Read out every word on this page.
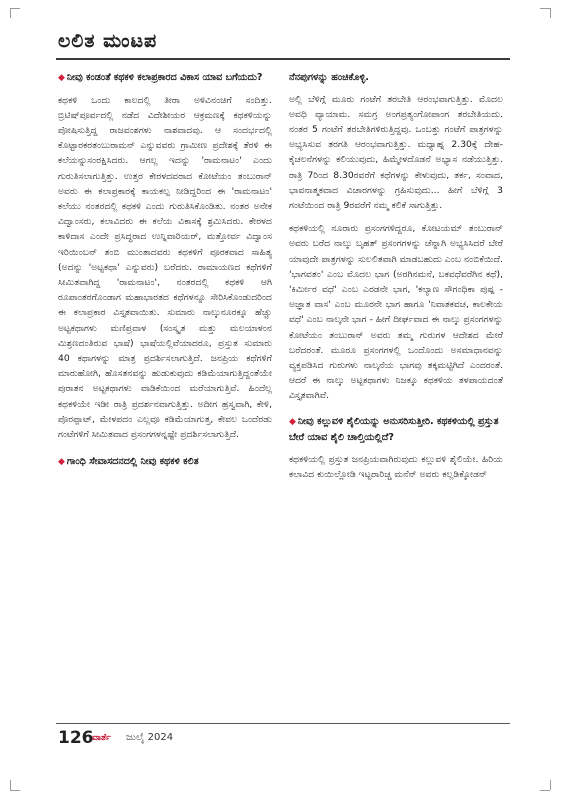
ಲಲಿತ ಮಂಟಪ
◆ ನೀವು ಕಂಡಂತೆ ಕಥಕಳಿ ಕಲಾಪ್ರಕಾರದ ವಿಕಾಸ ಯಾವ ಬಗೆಯದು?
ಕಥಕಳಿ ಒಂದು ಕಾಲದಲ್ಲಿ ತೀರಾ ಅಳಿವಿನಂಚಿಗೆ ಸಂದಿತ್ತು. ಬ್ರಿಟಿಷ್‌ಪೂರ್ವದಲ್ಲಿ ನಡೆದ ವಿದೇಶೀಯರ ಆಕ್ರಮಣಕ್ಕೆ ಕಥಕಳಿಯನ್ನು ಪೋಷಿಸುತ್ತಿದ್ದ ರಾಜವಂಶಗಳು ನಾಶವಾದವು. ಆ ಸಂದರ್ಭದಲ್ಲಿ ಕೊಟ್ಟಾರಕರತಂಬುರಾಮನ್ ಎನ್ನುವವರು ಗ್ರಾಮೀಣ ಪ್ರದೇಶಕ್ಕೆ ತೆರಳಿ ಈ ಕಲೆಯನ್ನುಸಂರಕ್ಷಿಸಿದರು. ಆಗಲ್ಲ ಇದನ್ನು 'ರಾಮನಾಟಂ' ಎಂದು ಗುರುತಿಸಲಾಗುತ್ತಿತ್ತು. ಉತ್ತರ ಕೇರಳದವರಾದ ಕೋಟೆಯಂ ತಂಬುರಾನ್ ಅವರು ಈ ಕಲಾಪ್ರಕಾರಕ್ಕೆ ಕಾಯಕಲ್ಪ ನೀಡಿದ್ದರಿಂದ ಈ 'ರಾಮನಾಟಂ' ಕಲೆಯು ನಂತರದಲ್ಲಿ ಕಥಕಳಿ ಎಂದು ಗುರುತಿಸಿಕೊಂಡಿತು. ನಂತರ ಅನೇಕ ವಿದ್ವಾಂಸರು, ಕಲಾವಿದರು ಈ ಕಲೆಯ ವಿಕಾಸಕ್ಕೆ ಶ್ರಮಿಸಿದರು. ಕೇರಳದ ಕಾಳಿದಾಸ ಎಂದೇ ಪ್ರಸಿದ್ಧರಾದ ಉನ್ನಿವಾರಿಯರ್, ಮತ್ತೋರ್ವ ವಿದ್ವಾಂಸ ಇರಿಯಿಂಬನ್ ತಂಬಿ ಮುಂತಾದವರು ಕಥಕಳಿಗೆ ಪೂರಕವಾದ ಸಾಹಿತ್ಯ (ಅದನ್ನು 'ಅಟ್ಟಕಥಾ' ಎನ್ನುವರು) ಬರೆದರು. ರಾಮಾಯಣದ ಕಥೆಗಳಿಗೆ ಸೀಮಿತವಾಗಿದ್ದ 'ರಾಮನಾಟಂ', ನಂತರದಲ್ಲಿ ಕಥಕಳಿ ಆಗಿ ರೂಪಾಂತರಗೊಂಡಾಗ ಮಹಾಭಾರತದ ಕಥೆಗಳನ್ನೂ ಸೇರಿಸಿಕೊಂಡುದರಿಂದ ಈ ಕಲಾಪ್ರಕಾರ ವಿಸ್ತೃತವಾಯಿತು. ಸುಮಾರು ನಾಲ್ಕುನೂರಕ್ಕೂ ಹೆಚ್ಚು ಅಟ್ಟಕಥಾಗಳು ಮಣಿಪ್ರವಾಳ (ಸಂಸ್ಕೃತ ಮತ್ತು ಮಲಯಾಳಂನ ಮಿಶ್ರಣದಂತಿರುವ ಭಾಷೆ) ಭಾಷೆಯಲ್ಲಿವೆಯಾದರೂ, ಪ್ರಸ್ತುತ ಸುಮಾರು 40 ಕಥಾಗಳನ್ನು ಮಾತ್ರ ಪ್ರದರ್ಶಿಸಲಾಗುತ್ತಿದೆ. ಜನಪ್ರಿಯ ಕಥೆಗಳಿಗೆ ಮಾರುಹೋಗಿ, ಹೊಸತನವನ್ನು ಹುಡುಕುವುದು ಕಡಿಮೆಯಾಗುತ್ತಿದ್ದಂತೆಯೇ ಪುರಾತನ ಅಟ್ಟಕಥಾಗಳು ವಾಡಿಕೆಯಿಂದ ಮರೆಯಾಗುತ್ತಿವೆ. ಹಿಂದೆಲ್ಲ ಕಥಕಳಿಯೇ ಇಡೀ ರಾತ್ರಿ ಪ್ರದರ್ಶನವಾಗುತ್ತಿತ್ತು. ಅದೀಗ ಹ್ರಸ್ವವಾಗಿ, ಕೇಳಿ, ಪೊರಪ್ಪಾಟ್, ಮೇಳಪದಂ ಎಲ್ಲವೂ ಕಡಿಮೆಯಾಗುತ್ತ, ಕೇವಲ ಒಂದೆರಡು ಗಂಟೆಗಳಿಗೆ ಸೀಮಿತವಾದ ಪ್ರಸಂಗಗಳನ್ನಷ್ಟೇ ಪ್ರದರ್ಶಿಸಲಾಗುತ್ತಿದೆ.
◆ ಗಾಂಧಿ ಸೇವಾಸದನದಲ್ಲಿ ನೀವು ಕಥಕಳಿ ಕಲಿತ
ನೆನಪುಗಳನ್ನು ಹಂಚಿಕೊಳ್ಳಿ.
ಅಲ್ಲಿ ಬೆಳಿಗ್ಗೆ ಮೂರು ಗಂಟೆಗೆ ತರಬೇತಿ ಆರಂಭವಾಗುತ್ತಿತ್ತು. ಮೊದಲ ಅವಧಿ ವ್ಯಾಯಾಮ. ಸಮಗ್ರ ಅಂಗಪ್ರತ್ಯಂಗೋಪಾಂಗ ತರಬೇತಿಯದು. ನಂತರ 5 ಗಂಟೆಗೆ ತರಬೇತಿಗಳಿರುತ್ತಿದ್ದವು. ಒಂಬತ್ತು ಗಂಟೆಗೆ ಪಾತ್ರಗಳನ್ನು ಅಭ್ಯಸಿಸುವ ತರಗತಿ ಆರಂಭವಾಗುತ್ತಿತ್ತು. ಮಧ್ಯಾಹ್ನ 2.30ಕ್ಕೆ ದೇಹ-ಕೈಚಲನೆಗಳನ್ನು ಕಲಿಯುವುದು, ಹಿಮ್ಮೇಳದೊಡನೆ ಅಭ್ಯಾಸ ನಡೆಯುತ್ತಿತ್ತು. ರಾತ್ರಿ 7ರಿಂದ 8.30ರವರೆಗೆ ಕಥೆಗಳನ್ನು ಕೇಳುವುದು, ತರ್ಕ, ಸಂವಾದ, ಭಾವನಾತ್ಮಕವಾದ ವಿಚಾರಗಳನ್ನು ಗ್ರಹಿಸುವುದು... ಹೀಗೆ ಬೆಳಿಗ್ಗೆ 3 ಗಂಟೆಯಿಂದ ರಾತ್ರಿ 9ರವರೆಗೆ ನಮ್ಮ ಕಲಿಕೆ ಸಾಗುತ್ತಿತ್ತು.
ಕಥಕಳಿಯಲ್ಲಿ ನೂರಾರು ಪ್ರಸಂಗಗಳಿದ್ದರೂ, ಕೋಟಯಮ್ ತಂಬುರಾನ್ ಅವರು ಬರೆದ ನಾಲ್ಕು ಬೃಹತ್ ಪ್ರಸಂಗಗಳನ್ನು ಚೆನ್ನಾಗಿ ಅಭ್ಯಸಿಸಿದರೆ ಬೇರೆ ಯಾವುದೇ ಪಾತ್ರಗಳನ್ನು ಸುಲಲಿತವಾಗಿ ಮಾಡಬಹುದು ಎಂಬ ನಂಬಿಕೆಯಿದೆ. 'ಭಾಗವತಂ' ಎಂಬ ಮೊದಲ ಭಾಗ (ಅರಗಿನಮನೆ, ಬಕವಧೆವರೆಗಿನ ಕಥೆ), 'ಕಿರ್ಮೀರ ವಧೆ' ಎಂಬ ಎರಡನೇ ಭಾಗ, 'ಕಲ್ಯಾಣ ಸೌಗಂಧಿಕಾ ಪುಷ್ಪ - ಅಜ್ಞಾತ ವಾಸ' ಎಂಬ ಮೂರನೇ ಭಾಗ ಹಾಗೂ 'ನಿವಾತಕವಚ, ಕಾಲಕೇಯ ವಧೆ' ಎಂಬ ನಾಲ್ಕನೇ ಭಾಗ - ಹೀಗೆ ದೀರ್ಘವಾದ ಈ ನಾಲ್ಕು ಪ್ರಸಂಗಗಳನ್ನು ಕೋಟೆಯಂ ತಂಬುರಾನ್ ಅವರು ತಮ್ಮ ಗುರುಗಳ ಆದೇಶದ ಮೇರೆ ಬರೆದರಂತೆ. ಮೂರೂ ಪ್ರಸಂಗಗಳಲ್ಲಿ ಒಂದೊಂದು ಅಸಮಾಧಾನವನ್ನು ವ್ಯಕ್ತಪಡಿಸಿದ ಗುರುಗಳು ನಾಲ್ಕನೆಯ ಭಾಗವು ತಕ್ಕಮಟ್ಟಿಗಿದೆ ಎಂದರಂತೆ. ಆದರೆ ಈ ನಾಲ್ಕು ಅಟ್ಟಕಥಾಗಳು ನಿಜಕ್ಕೂ ಕಥಕಳಿಯ ತಳಪಾಯದಂತೆ ವಿಸ್ತೃತವಾಗಿವೆ.
◆ ನೀವು ಕಲ್ಲುವಳಿ ಶೈಲಿಯನ್ನು ಅನುಸರಿಸುತ್ತೀರಿ. ಕಥಕಳಿಯಲ್ಲಿ ಪ್ರಸ್ತುತ ಬೇರೆ ಯಾವ ಶೈಲಿ ಚಾಲ್ತಿಯಲ್ಲಿದೆ?
ಕಥಕಳಿಯಲ್ಲಿ ಪ್ರಸ್ತುತ ಜನಪ್ರಿಯವಾಗಿರುವುದು ಕಲ್ಲುವಳಿ ಶೈಲಿಯೇ. ಹಿರಿಯ ಕಲಾವಿದ ಕುಯಿಲ್ಲೋಡಿ ಇಟ್ಟರಾರಿಚ್ಚ ಮನೆನ್ ಅವರು ಕಲ್ಲಡಿಕ್ಕೋಡನ್
126
ವಾರ್ತೆ ಜುಲೈ 2024
